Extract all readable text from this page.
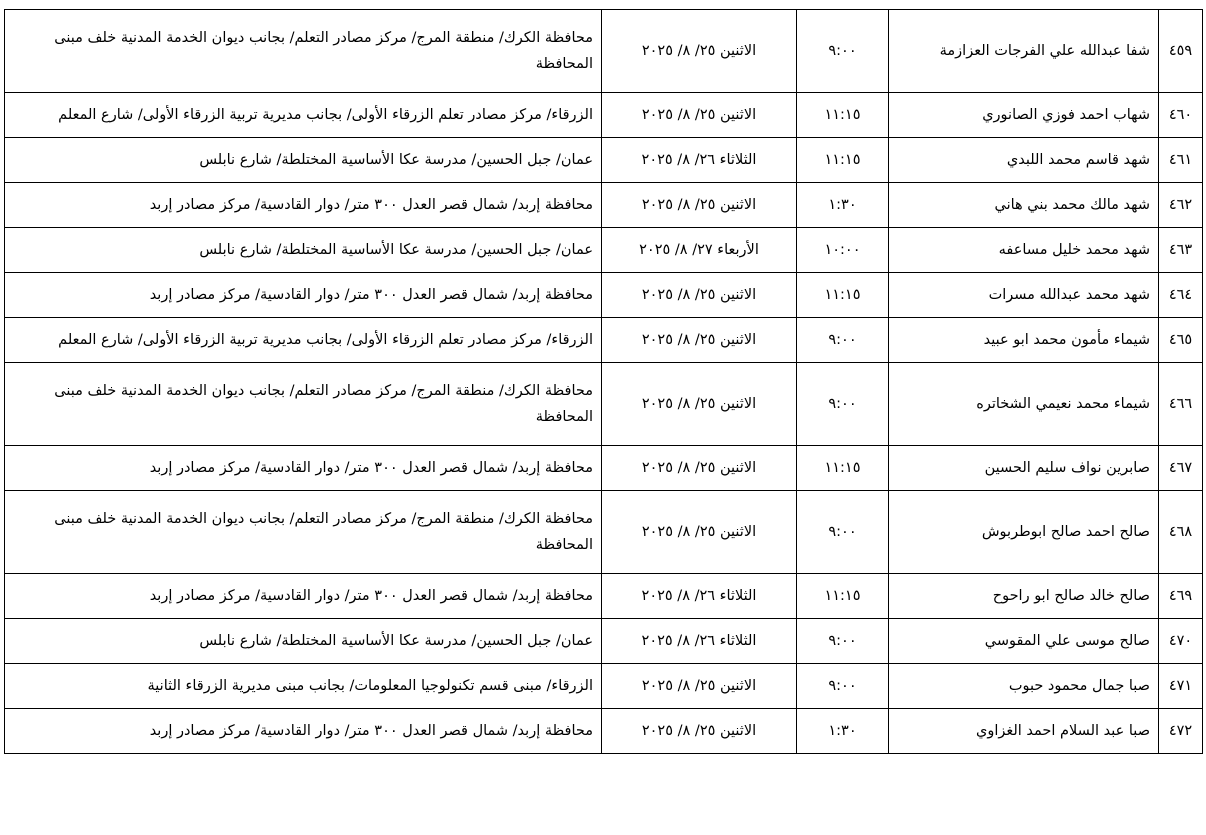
٤٥٩	شفا عبدالله علي الفرجات العزازمة	٩:٠٠	الاثنين ٢٥/ ٨/ ٢٠٢٥	محافظة الكرك/ منطقة المرج/ مركز مصادر التعلم/ بجانب ديوان الخدمة المدنية خلف مبنى المحافظة
٤٦٠	شهاب احمد فوزي الصانوري	١١:١٥	الاثنين ٢٥/ ٨/ ٢٠٢٥	الزرقاء/ مركز مصادر تعلم الزرقاء الأولى/ بجانب مديرية تربية الزرقاء الأولى/ شارع المعلم
٤٦١	شهد قاسم محمد اللبدي	١١:١٥	الثلاثاء ٢٦/ ٨/ ٢٠٢٥	عمان/ جبل الحسين/ مدرسة عكا الأساسية المختلطة/ شارع نابلس
٤٦٢	شهد مالك محمد بني هاني	١:٣٠	الاثنين ٢٥/ ٨/ ٢٠٢٥	محافظة إربد/ شمال قصر العدل ٣٠٠ متر/ دوار القادسية/ مركز مصادر إربد
٤٦٣	شهد محمد خليل مساعفه	١٠:٠٠	الأربعاء ٢٧/ ٨/ ٢٠٢٥	عمان/ جبل الحسين/ مدرسة عكا الأساسية المختلطة/ شارع نابلس
٤٦٤	شهد محمد عبدالله مسرات	١١:١٥	الاثنين ٢٥/ ٨/ ٢٠٢٥	محافظة إربد/ شمال قصر العدل ٣٠٠ متر/ دوار القادسية/ مركز مصادر إربد
٤٦٥	شيماء مأمون محمد ابو عبيد	٩:٠٠	الاثنين ٢٥/ ٨/ ٢٠٢٥	الزرقاء/ مركز مصادر تعلم الزرقاء الأولى/ بجانب مديرية تربية الزرقاء الأولى/ شارع المعلم
٤٦٦	شيماء محمد نعيمي الشخاتره	٩:٠٠	الاثنين ٢٥/ ٨/ ٢٠٢٥	محافظة الكرك/ منطقة المرج/ مركز مصادر التعلم/ بجانب ديوان الخدمة المدنية خلف مبنى المحافظة
٤٦٧	صابرين نواف سليم الحسين	١١:١٥	الاثنين ٢٥/ ٨/ ٢٠٢٥	محافظة إربد/ شمال قصر العدل ٣٠٠ متر/ دوار القادسية/ مركز مصادر إربد
٤٦٨	صالح احمد صالح ابوطربوش	٩:٠٠	الاثنين ٢٥/ ٨/ ٢٠٢٥	محافظة الكرك/ منطقة المرج/ مركز مصادر التعلم/ بجانب ديوان الخدمة المدنية خلف مبنى المحافظة
٤٦٩	صالح خالد صالح ابو راحوح	١١:١٥	الثلاثاء ٢٦/ ٨/ ٢٠٢٥	محافظة إربد/ شمال قصر العدل ٣٠٠ متر/ دوار القادسية/ مركز مصادر إربد
٤٧٠	صالح موسى علي المقوسي	٩:٠٠	الثلاثاء ٢٦/ ٨/ ٢٠٢٥	عمان/ جبل الحسين/ مدرسة عكا الأساسية المختلطة/ شارع نابلس
٤٧١	صبا جمال محمود حبوب	٩:٠٠	الاثنين ٢٥/ ٨/ ٢٠٢٥	الزرقاء/ مبنى قسم تكنولوجيا المعلومات/ بجانب مبنى مديرية الزرقاء الثانية
٤٧٢	صبا عبد السلام احمد الغزاوي	١:٣٠	الاثنين ٢٥/ ٨/ ٢٠٢٥	محافظة إربد/ شمال قصر العدل ٣٠٠ متر/ دوار القادسية/ مركز مصادر إربد
